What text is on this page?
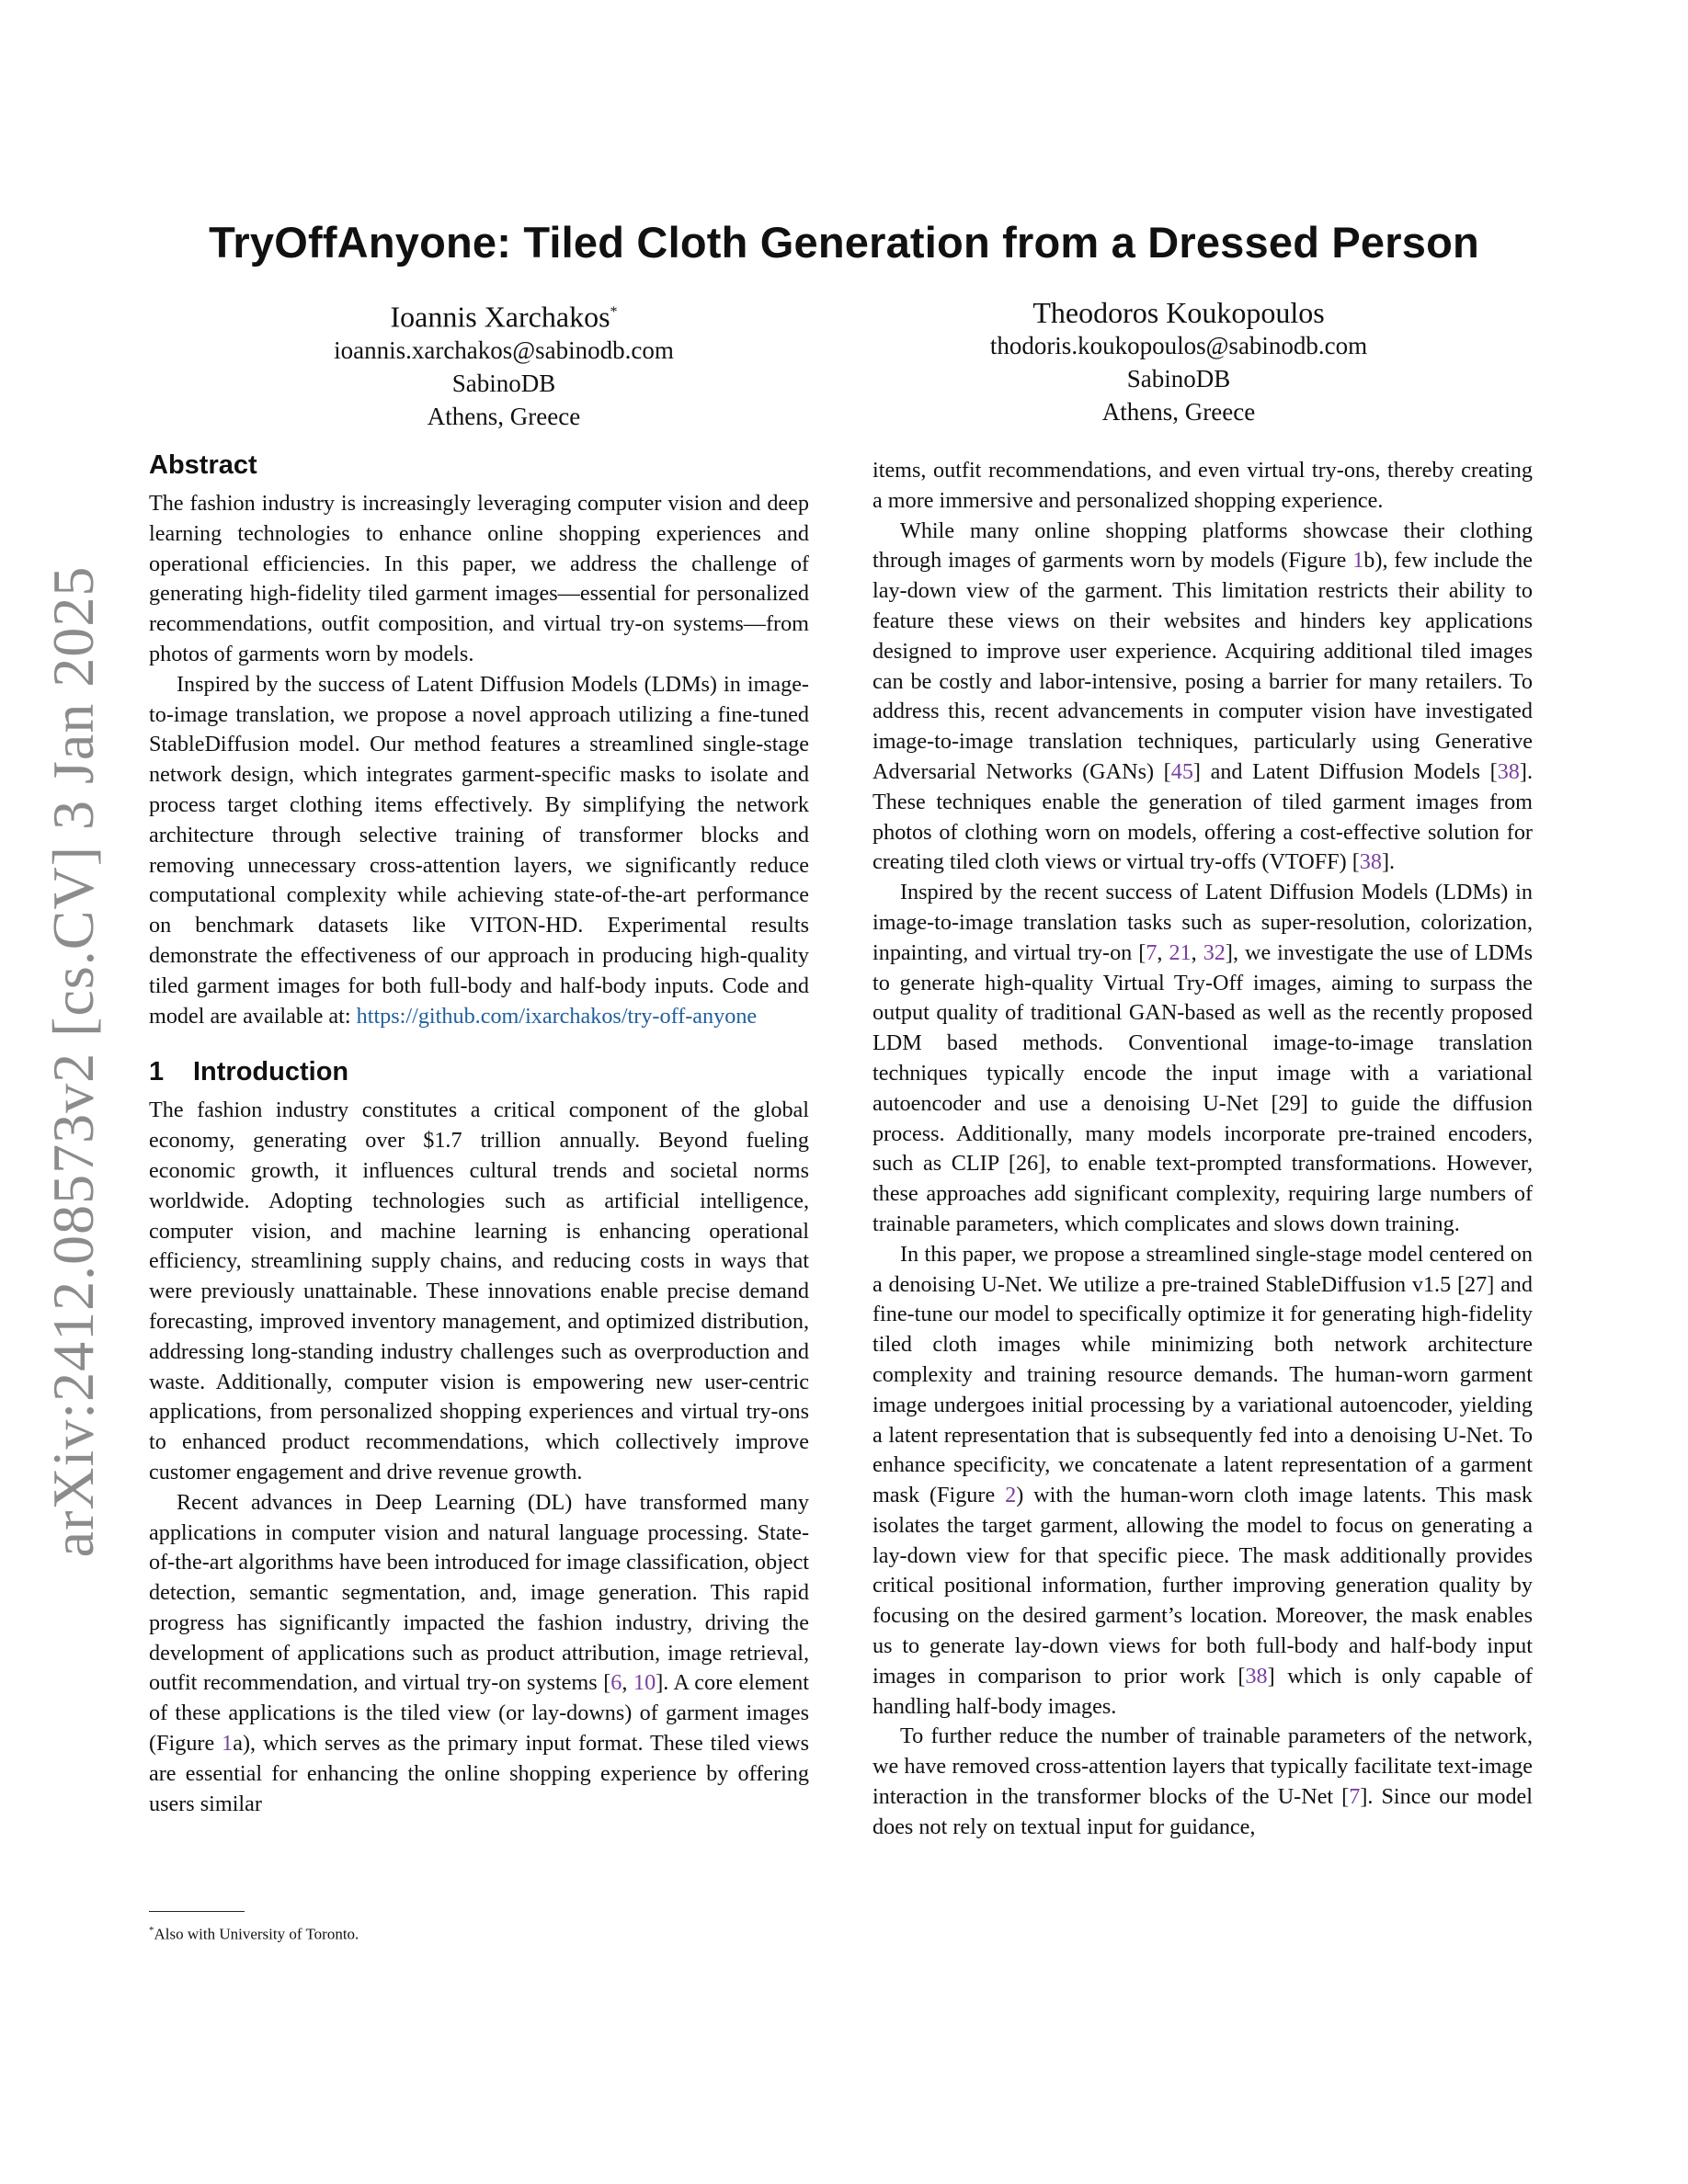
arXiv:2412.08573v2 [cs.CV] 3 Jan 2025
TryOffAnyone: Tiled Cloth Generation from a Dressed Person
Ioannis Xarchakos*
ioannis.xarchakos@sabinodb.com
SabinoDB
Athens, Greece
Theodoros Koukopoulos
thodoris.koukopoulos@sabinodb.com
SabinoDB
Athens, Greece
Abstract

The fashion industry is increasingly leveraging computer vision and deep learning technologies to enhance online shopping experiences and operational efficiencies. In this paper, we address the challenge of generating high-fidelity tiled garment images—essential for personalized recommendations, outfit composition, and virtual try-on systems—from photos of garments worn by models.

Inspired by the success of Latent Diffusion Models (LDMs) in image-to-image translation, we propose a novel approach utilizing a fine-tuned StableDiffusion model. Our method features a streamlined single-stage network design, which integrates garment-specific masks to isolate and process target clothing items effectively. By simplifying the network architecture through selective training of transformer blocks and removing unnecessary cross-attention layers, we significantly reduce computational complexity while achieving state-of-the-art performance on benchmark datasets like VITON-HD. Experimental results demonstrate the effectiveness of our approach in producing high-quality tiled garment images for both full-body and half-body inputs. Code and model are available at: https://github.com/ixarchakos/try-off-anyone

1 Introduction

The fashion industry constitutes a critical component of the global economy, generating over $1.7 trillion annually. Beyond fueling economic growth, it influences cultural trends and societal norms worldwide. Adopting technologies such as artificial intelligence, computer vision, and machine learning is enhancing operational efficiency, streamlining supply chains, and reducing costs in ways that were previously unattainable. These innovations enable precise demand forecasting, improved inventory management, and optimized distribution, addressing long-standing industry challenges such as overproduction and waste. Additionally, computer vision is empowering new user-centric applications, from personalized shopping experiences and virtual try-ons to enhanced product recommendations, which collectively improve customer engagement and drive revenue growth.

Recent advances in Deep Learning (DL) have transformed many applications in computer vision and natural language processing. State-of-the-art algorithms have been introduced for image classification, object detection, semantic segmentation, and, image generation. This rapid progress has significantly impacted the fashion industry, driving the development of applications such as product attribution, image retrieval, outfit recommendation, and virtual try-on systems [6, 10]. A core element of these applications is the tiled view (or lay-downs) of garment images (Figure 1a), which serves as the primary input format. These tiled views are essential for enhancing the online shopping experience by offering users similar

items, outfit recommendations, and even virtual try-ons, thereby creating a more immersive and personalized shopping experience.

While many online shopping platforms showcase their clothing through images of garments worn by models (Figure 1b), few include the lay-down view of the garment. This limitation restricts their ability to feature these views on their websites and hinders key applications designed to improve user experience. Acquiring additional tiled images can be costly and labor-intensive, posing a barrier for many retailers. To address this, recent advancements in computer vision have investigated image-to-image translation techniques, particularly using Generative Adversarial Networks (GANs) [45] and Latent Diffusion Models [38]. These techniques enable the generation of tiled garment images from photos of clothing worn on models, offering a cost-effective solution for creating tiled cloth views or virtual try-offs (VTOFF) [38].

Inspired by the recent success of Latent Diffusion Models (LDMs) in image-to-image translation tasks such as super-resolution, colorization, inpainting, and virtual try-on [7, 21, 32], we investigate the use of LDMs to generate high-quality Virtual Try-Off images, aiming to surpass the output quality of traditional GAN-based as well as the recently proposed LDM based methods. Conventional image-to-image translation techniques typically encode the input image with a variational autoencoder and use a denoising U-Net [29] to guide the diffusion process. Additionally, many models incorporate pre-trained encoders, such as CLIP [26], to enable text-prompted transformations. However, these approaches add significant complexity, requiring large numbers of trainable parameters, which complicates and slows down training.

In this paper, we propose a streamlined single-stage model centered on a denoising U-Net. We utilize a pre-trained StableDiffusion v1.5 [27] and fine-tune our model to specifically optimize it for generating high-fidelity tiled cloth images while minimizing both network architecture complexity and training resource demands. The human-worn garment image undergoes initial processing by a variational autoencoder, yielding a latent representation that is subsequently fed into a denoising U-Net. To enhance specificity, we concatenate a latent representation of a garment mask (Figure 2) with the human-worn cloth image latents. This mask isolates the target garment, allowing the model to focus on generating a lay-down view for that specific piece. The mask additionally provides critical positional information, further improving generation quality by focusing on the desired garment’s location. Moreover, the mask enables us to generate lay-down views for both full-body and half-body input images in comparison to prior work [38] which is only capable of handling half-body images.

To further reduce the number of trainable parameters of the network, we have removed cross-attention layers that typically facilitate text-image interaction in the transformer blocks of the U-Net [7]. Since our model does not rely on textual input for guidance,

*Also with University of Toronto.
